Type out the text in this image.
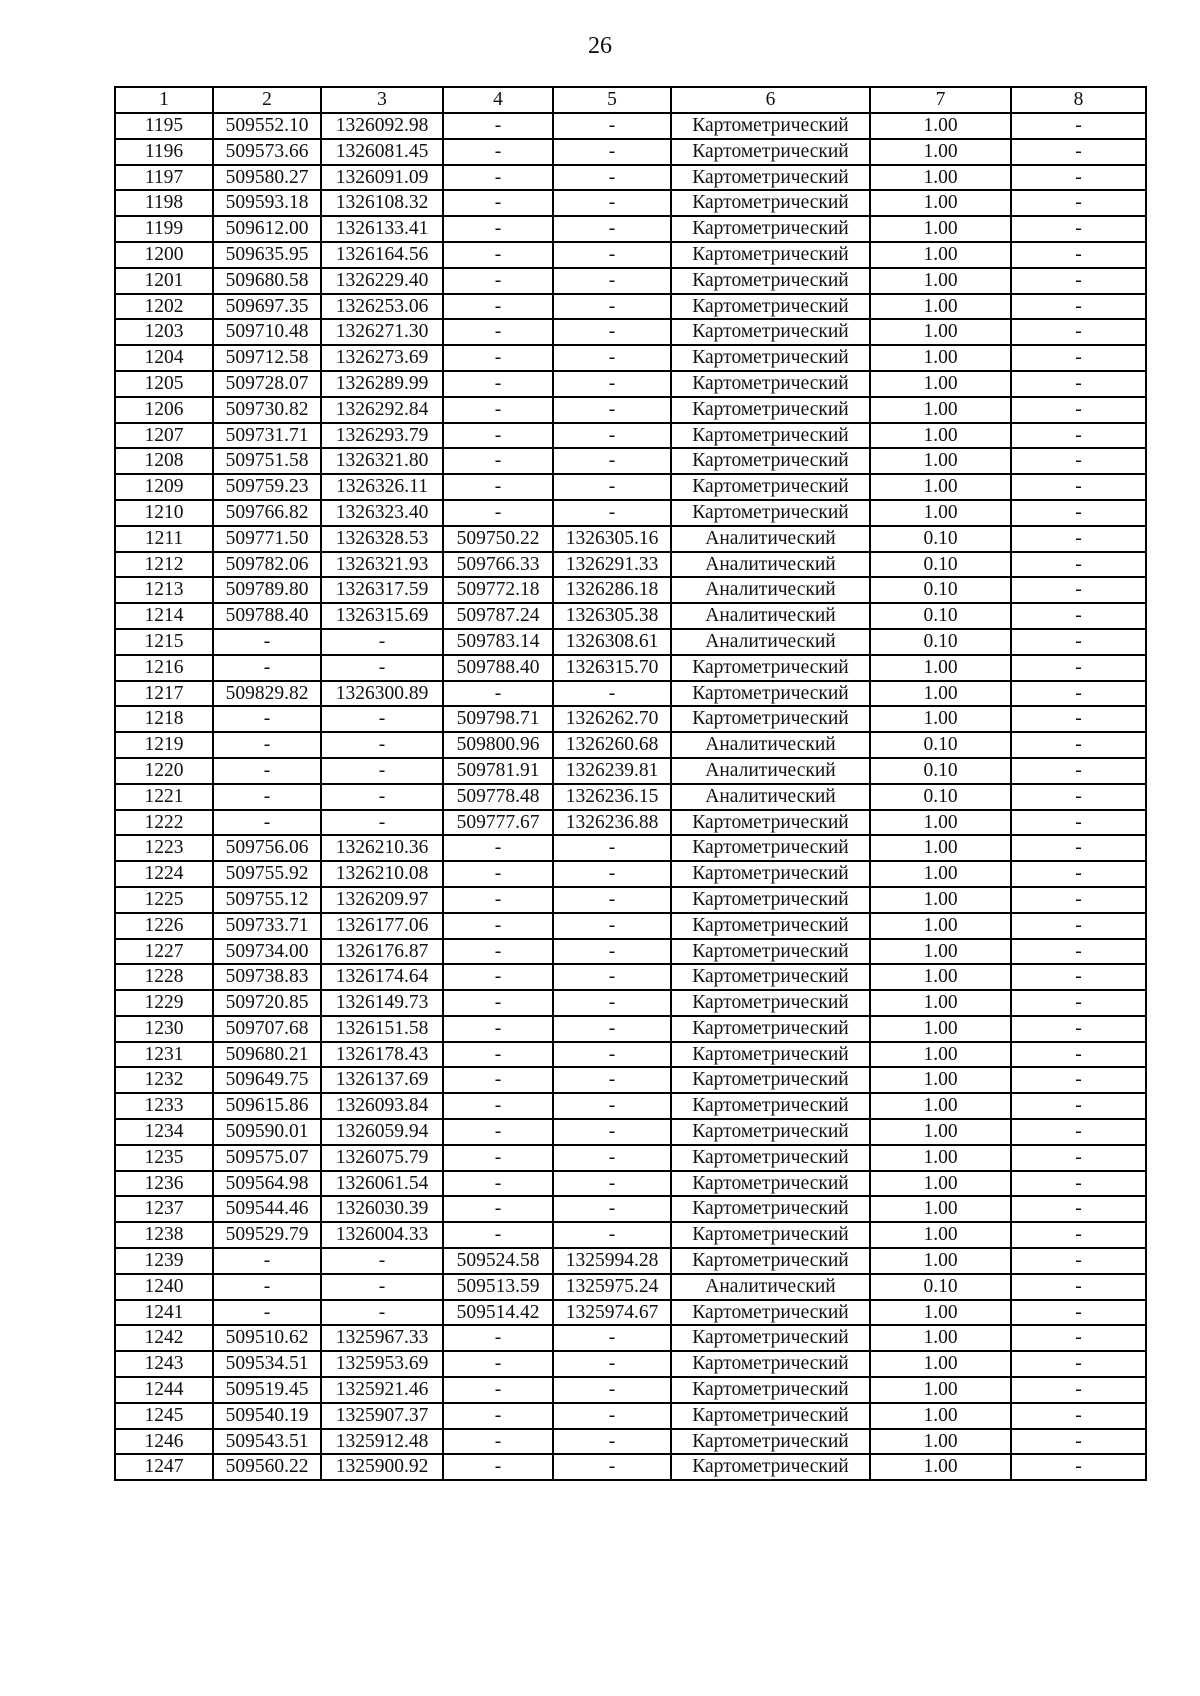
26
1	2	3	4	5	6	7	8
1195	509552.10	1326092.98	-	-	Картометрический	1.00	-
1196	509573.66	1326081.45	-	-	Картометрический	1.00	-
1197	509580.27	1326091.09	-	-	Картометрический	1.00	-
1198	509593.18	1326108.32	-	-	Картометрический	1.00	-
1199	509612.00	1326133.41	-	-	Картометрический	1.00	-
1200	509635.95	1326164.56	-	-	Картометрический	1.00	-
1201	509680.58	1326229.40	-	-	Картометрический	1.00	-
1202	509697.35	1326253.06	-	-	Картометрический	1.00	-
1203	509710.48	1326271.30	-	-	Картометрический	1.00	-
1204	509712.58	1326273.69	-	-	Картометрический	1.00	-
1205	509728.07	1326289.99	-	-	Картометрический	1.00	-
1206	509730.82	1326292.84	-	-	Картометрический	1.00	-
1207	509731.71	1326293.79	-	-	Картометрический	1.00	-
1208	509751.58	1326321.80	-	-	Картометрический	1.00	-
1209	509759.23	1326326.11	-	-	Картометрический	1.00	-
1210	509766.82	1326323.40	-	-	Картометрический	1.00	-
1211	509771.50	1326328.53	509750.22	1326305.16	Аналитический	0.10	-
1212	509782.06	1326321.93	509766.33	1326291.33	Аналитический	0.10	-
1213	509789.80	1326317.59	509772.18	1326286.18	Аналитический	0.10	-
1214	509788.40	1326315.69	509787.24	1326305.38	Аналитический	0.10	-
1215	-	-	509783.14	1326308.61	Аналитический	0.10	-
1216	-	-	509788.40	1326315.70	Картометрический	1.00	-
1217	509829.82	1326300.89	-	-	Картометрический	1.00	-
1218	-	-	509798.71	1326262.70	Картометрический	1.00	-
1219	-	-	509800.96	1326260.68	Аналитический	0.10	-
1220	-	-	509781.91	1326239.81	Аналитический	0.10	-
1221	-	-	509778.48	1326236.15	Аналитический	0.10	-
1222	-	-	509777.67	1326236.88	Картометрический	1.00	-
1223	509756.06	1326210.36	-	-	Картометрический	1.00	-
1224	509755.92	1326210.08	-	-	Картометрический	1.00	-
1225	509755.12	1326209.97	-	-	Картометрический	1.00	-
1226	509733.71	1326177.06	-	-	Картометрический	1.00	-
1227	509734.00	1326176.87	-	-	Картометрический	1.00	-
1228	509738.83	1326174.64	-	-	Картометрический	1.00	-
1229	509720.85	1326149.73	-	-	Картометрический	1.00	-
1230	509707.68	1326151.58	-	-	Картометрический	1.00	-
1231	509680.21	1326178.43	-	-	Картометрический	1.00	-
1232	509649.75	1326137.69	-	-	Картометрический	1.00	-
1233	509615.86	1326093.84	-	-	Картометрический	1.00	-
1234	509590.01	1326059.94	-	-	Картометрический	1.00	-
1235	509575.07	1326075.79	-	-	Картометрический	1.00	-
1236	509564.98	1326061.54	-	-	Картометрический	1.00	-
1237	509544.46	1326030.39	-	-	Картометрический	1.00	-
1238	509529.79	1326004.33	-	-	Картометрический	1.00	-
1239	-	-	509524.58	1325994.28	Картометрический	1.00	-
1240	-	-	509513.59	1325975.24	Аналитический	0.10	-
1241	-	-	509514.42	1325974.67	Картометрический	1.00	-
1242	509510.62	1325967.33	-	-	Картометрический	1.00	-
1243	509534.51	1325953.69	-	-	Картометрический	1.00	-
1244	509519.45	1325921.46	-	-	Картометрический	1.00	-
1245	509540.19	1325907.37	-	-	Картометрический	1.00	-
1246	509543.51	1325912.48	-	-	Картометрический	1.00	-
1247	509560.22	1325900.92	-	-	Картометрический	1.00	-
